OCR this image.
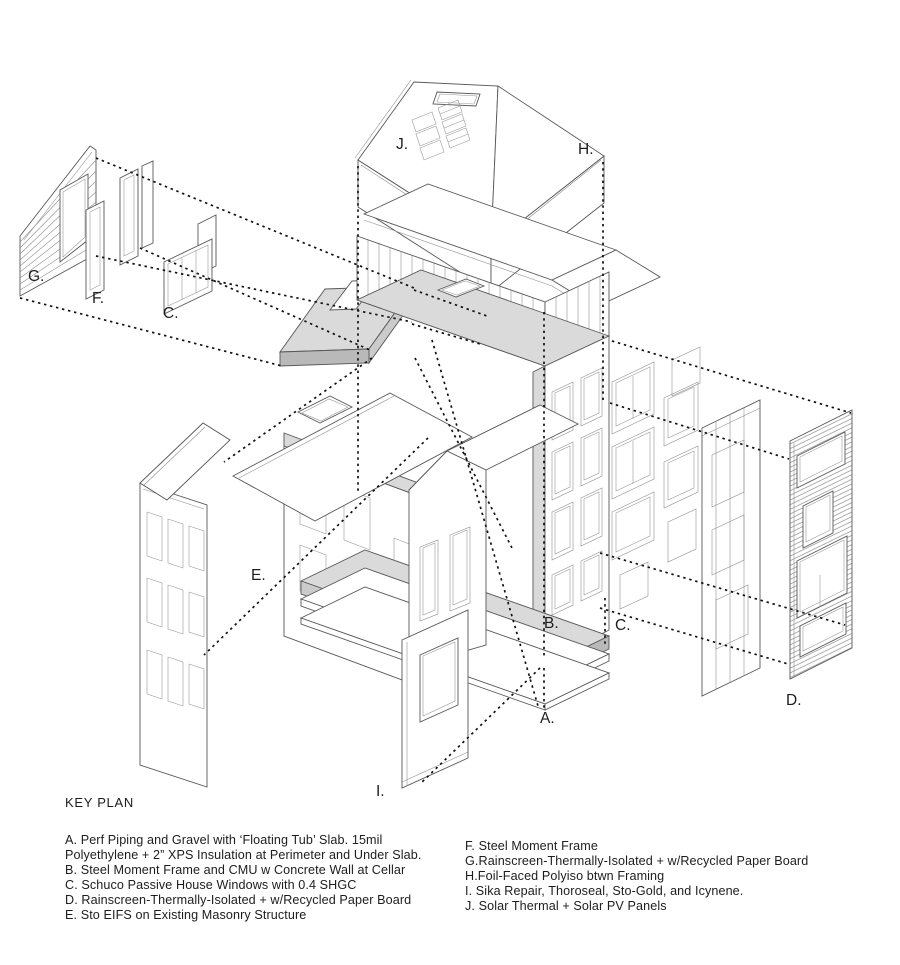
G.
F.
C.
J.	H.
E.
B.	C.
A.
I.
D.
KEY PLAN
A. Perf Piping and Gravel with ‘Floating Tub’ Slab. 15mil
Polyethylene + 2” XPS Insulation at Perimeter and Under Slab.
B. Steel Moment Frame and CMU w Concrete Wall at Cellar
C. Schuco Passive House Windows with 0.4 SHGC
D. Rainscreen-Thermally-Isolated + w/Recycled Paper Board
E. Sto EIFS on Existing Masonry Structure
F. Steel Moment Frame
G.Rainscreen-Thermally-Isolated + w/Recycled Paper Board
H.Foil-Faced Polyiso btwn Framing
I. Sika Repair, Thoroseal, Sto-Gold, and Icynene.
J. Solar Thermal + Solar PV Panels
